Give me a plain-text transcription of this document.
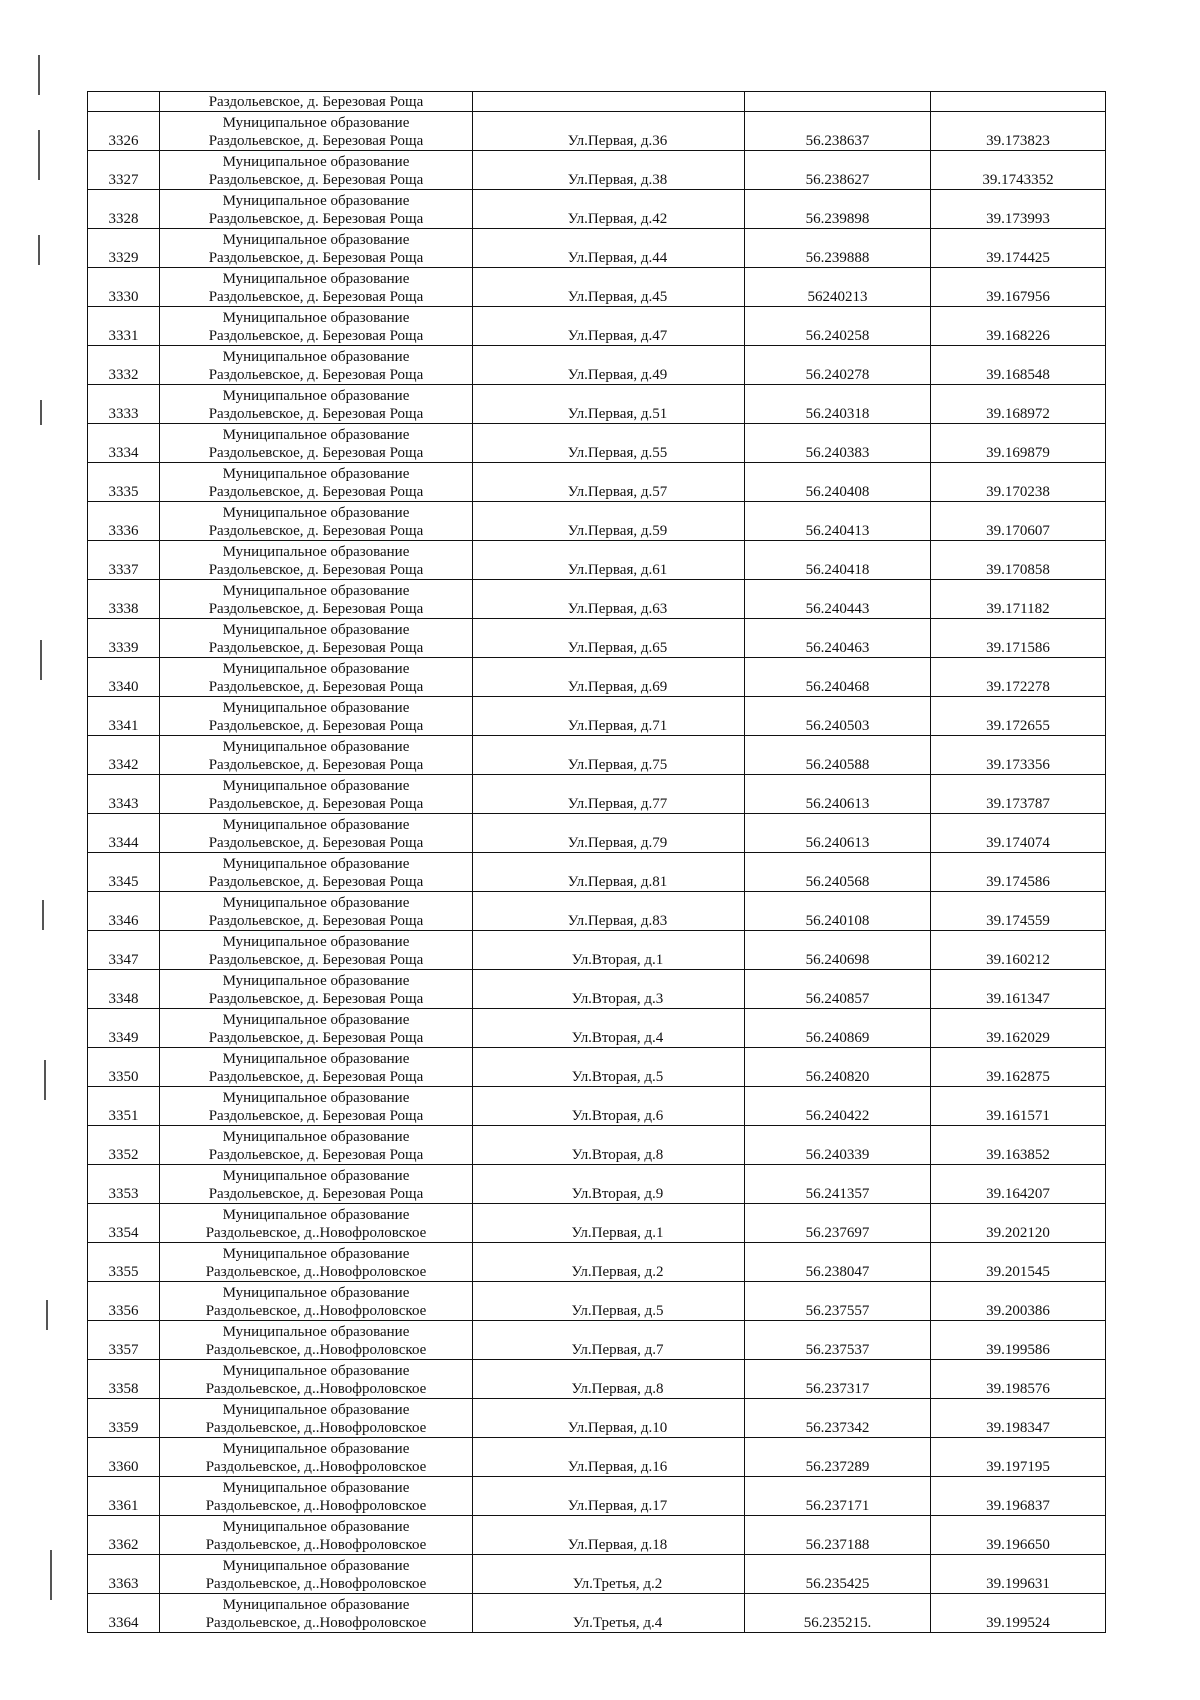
	Раздольевское, д. Березовая Роща			
3326	Муниципальное образование
Раздольевское, д. Березовая Роща	Ул.Первая, д.36	56.238637	39.173823
3327	Муниципальное образование
Раздольевское, д. Березовая Роща	Ул.Первая, д.38	56.238627	39.1743352
3328	Муниципальное образование
Раздольевское, д. Березовая Роща	Ул.Первая, д.42	56.239898	39.173993
3329	Муниципальное образование
Раздольевское, д. Березовая Роща	Ул.Первая, д.44	56.239888	39.174425
3330	Муниципальное образование
Раздольевское, д. Березовая Роща	Ул.Первая, д.45	56240213	39.167956
3331	Муниципальное образование
Раздольевское, д. Березовая Роща	Ул.Первая, д.47	56.240258	39.168226
3332	Муниципальное образование
Раздольевское, д. Березовая Роща	Ул.Первая, д.49	56.240278	39.168548
3333	Муниципальное образование
Раздольевское, д. Березовая Роща	Ул.Первая, д.51	56.240318	39.168972
3334	Муниципальное образование
Раздольевское, д. Березовая Роща	Ул.Первая, д.55	56.240383	39.169879
3335	Муниципальное образование
Раздольевское, д. Березовая Роща	Ул.Первая, д.57	56.240408	39.170238
3336	Муниципальное образование
Раздольевское, д. Березовая Роща	Ул.Первая, д.59	56.240413	39.170607
3337	Муниципальное образование
Раздольевское, д. Березовая Роща	Ул.Первая, д.61	56.240418	39.170858
3338	Муниципальное образование
Раздольевское, д. Березовая Роща	Ул.Первая, д.63	56.240443	39.171182
3339	Муниципальное образование
Раздольевское, д. Березовая Роща	Ул.Первая, д.65	56.240463	39.171586
3340	Муниципальное образование
Раздольевское, д. Березовая Роща	Ул.Первая, д.69	56.240468	39.172278
3341	Муниципальное образование
Раздольевское, д. Березовая Роща	Ул.Первая, д.71	56.240503	39.172655
3342	Муниципальное образование
Раздольевское, д. Березовая Роща	Ул.Первая, д.75	56.240588	39.173356
3343	Муниципальное образование
Раздольевское, д. Березовая Роща	Ул.Первая, д.77	56.240613	39.173787
3344	Муниципальное образование
Раздольевское, д. Березовая Роща	Ул.Первая, д.79	56.240613	39.174074
3345	Муниципальное образование
Раздольевское, д. Березовая Роща	Ул.Первая, д.81	56.240568	39.174586
3346	Муниципальное образование
Раздольевское, д. Березовая Роща	Ул.Первая, д.83	56.240108	39.174559
3347	Муниципальное образование
Раздольевское, д. Березовая Роща	Ул.Вторая, д.1	56.240698	39.160212
3348	Муниципальное образование
Раздольевское, д. Березовая Роща	Ул.Вторая, д.3	56.240857	39.161347
3349	Муниципальное образование
Раздольевское, д. Березовая Роща	Ул.Вторая, д.4	56.240869	39.162029
3350	Муниципальное образование
Раздольевское, д. Березовая Роща	Ул.Вторая, д.5	56.240820	39.162875
3351	Муниципальное образование
Раздольевское, д. Березовая Роща	Ул.Вторая, д.6	56.240422	39.161571
3352	Муниципальное образование
Раздольевское, д. Березовая Роща	Ул.Вторая, д.8	56.240339	39.163852
3353	Муниципальное образование
Раздольевское, д. Березовая Роща	Ул.Вторая, д.9	56.241357	39.164207
3354	Муниципальное образование
Раздольевское, д..Новофроловское	Ул.Первая, д.1	56.237697	39.202120
3355	Муниципальное образование
Раздольевское, д..Новофроловское	Ул.Первая, д.2	56.238047	39.201545
3356	Муниципальное образование
Раздольевское, д..Новофроловское	Ул.Первая, д.5	56.237557	39.200386
3357	Муниципальное образование
Раздольевское, д..Новофроловское	Ул.Первая, д.7	56.237537	39.199586
3358	Муниципальное образование
Раздольевское, д..Новофроловское	Ул.Первая, д.8	56.237317	39.198576
3359	Муниципальное образование
Раздольевское, д..Новофроловское	Ул.Первая, д.10	56.237342	39.198347
3360	Муниципальное образование
Раздольевское, д..Новофроловское	Ул.Первая, д.16	56.237289	39.197195
3361	Муниципальное образование
Раздольевское, д..Новофроловское	Ул.Первая, д.17	56.237171	39.196837
3362	Муниципальное образование
Раздольевское, д..Новофроловское	Ул.Первая, д.18	56.237188	39.196650
3363	Муниципальное образование
Раздольевское, д..Новофроловское	Ул.Третья, д.2	56.235425	39.199631
3364	Муниципальное образование
Раздольевское, д..Новофроловское	Ул.Третья, д.4	56.235215.	39.199524
